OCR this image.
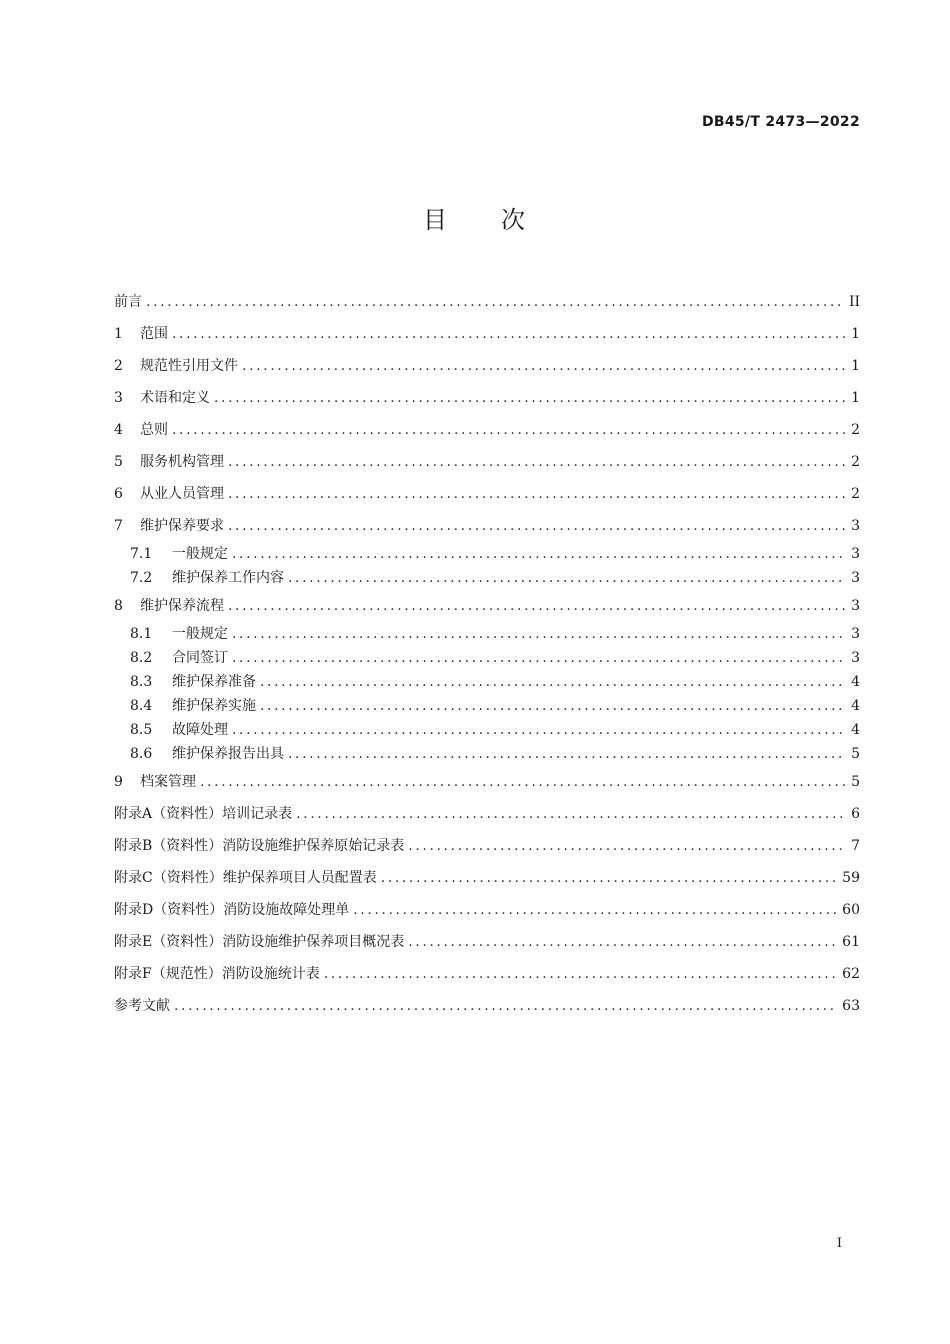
DB45/T 2473—2022
目 次
前言 .....	II
1	范围 .....	1
2	规范性引用文件 .....	1
3	术语和定义 .....	1
4	总则 .....	2
5	服务机构管理 .....	2
6	从业人员管理 .....	2
7	维护保养要求 .....	3
7.1	一般规定 .....	3
7.2	维护保养工作内容 .....	3
8	维护保养流程 .....	3
8.1	一般规定 .....	3
8.2	合同签订 .....	3
8.3	维护保养准备 .....	4
8.4	维护保养实施 .....	4
8.5	故障处理 .....	4
8.6	维护保养报告出具 .....	5
9	档案管理 .....	5
附录A（资料性） 培训记录表 .....	6
附录B（资料性） 消防设施维护保养原始记录表 .....	7
附录C（资料性） 维护保养项目人员配置表 .....	59
附录D（资料性） 消防设施故障处理单 .....	60
附录E（资料性） 消防设施维护保养项目概况表 .....	61
附录F（规范性） 消防设施统计表 .....	62
参考文献 .....	63
I
